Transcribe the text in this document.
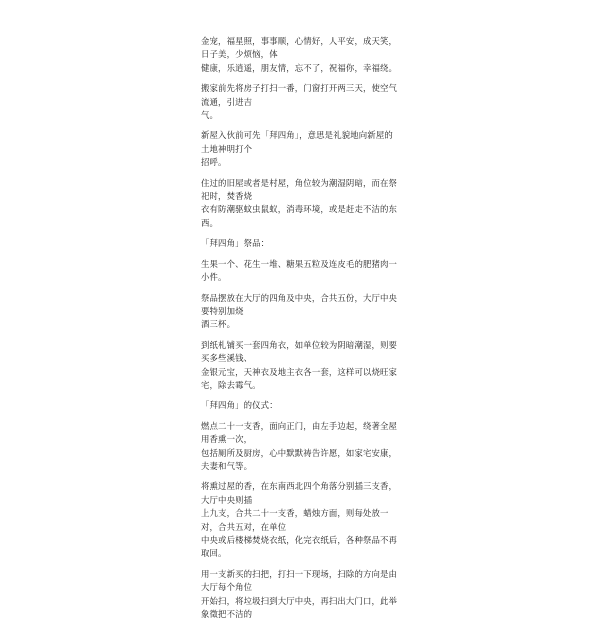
金宠，福星照，事事顺，心情好，人平安，成天笑，日子美，少烦恼，体
健康，乐逍遥，朋友情，忘不了，祝福你，幸福绕。

搬家前先将房子打扫一番，门窗打开两三天，使空气流通，引进吉
气。

新屋入伙前可先「拜四角」，意思是礼貌地向新屋的土地神明打个
招呼。

住过的旧屋或者是村屋，角位较为潮湿阴暗，而在祭祀时，焚香烧
衣有防潮驱蚊虫鼠蚁，消毒环境，或是赶走不洁的东西。

「拜四角」祭品：

生果一个、花生一堆、糖果五粒及连皮毛的肥猪肉一小件。

祭品摆放在大厅的四角及中央，合共五份，大厅中央要特别加烧
酒三杯。

到纸札铺买一套四角衣，如单位较为阴暗潮湿，则要买多些溪钱、
金银元宝，天神衣及地主衣各一套，这样可以烧旺家宅，除去霉气。

「拜四角」的仪式：

燃点二十一支香，面向正门，由左手边起，绕著全屋用香熏一次，
包括厕所及厨房，心中默默祷告许愿，如家宅安康，夫妻和气等。

将熏过屋的香，在东南西北四个角落分别插三支香，大厅中央则插
上九支，合共二十一支香，蜡烛方面，则每处放一对，合共五对，在单位
中央或后楼梯焚烧衣纸，化完衣纸后，各种祭品不再取回。

用一支新买的扫把，打扫一下现场，扫除的方向是由大厅每个角位
开始扫，将垃圾扫到大厅中央，再扫出大门口，此举象徵把不洁的
